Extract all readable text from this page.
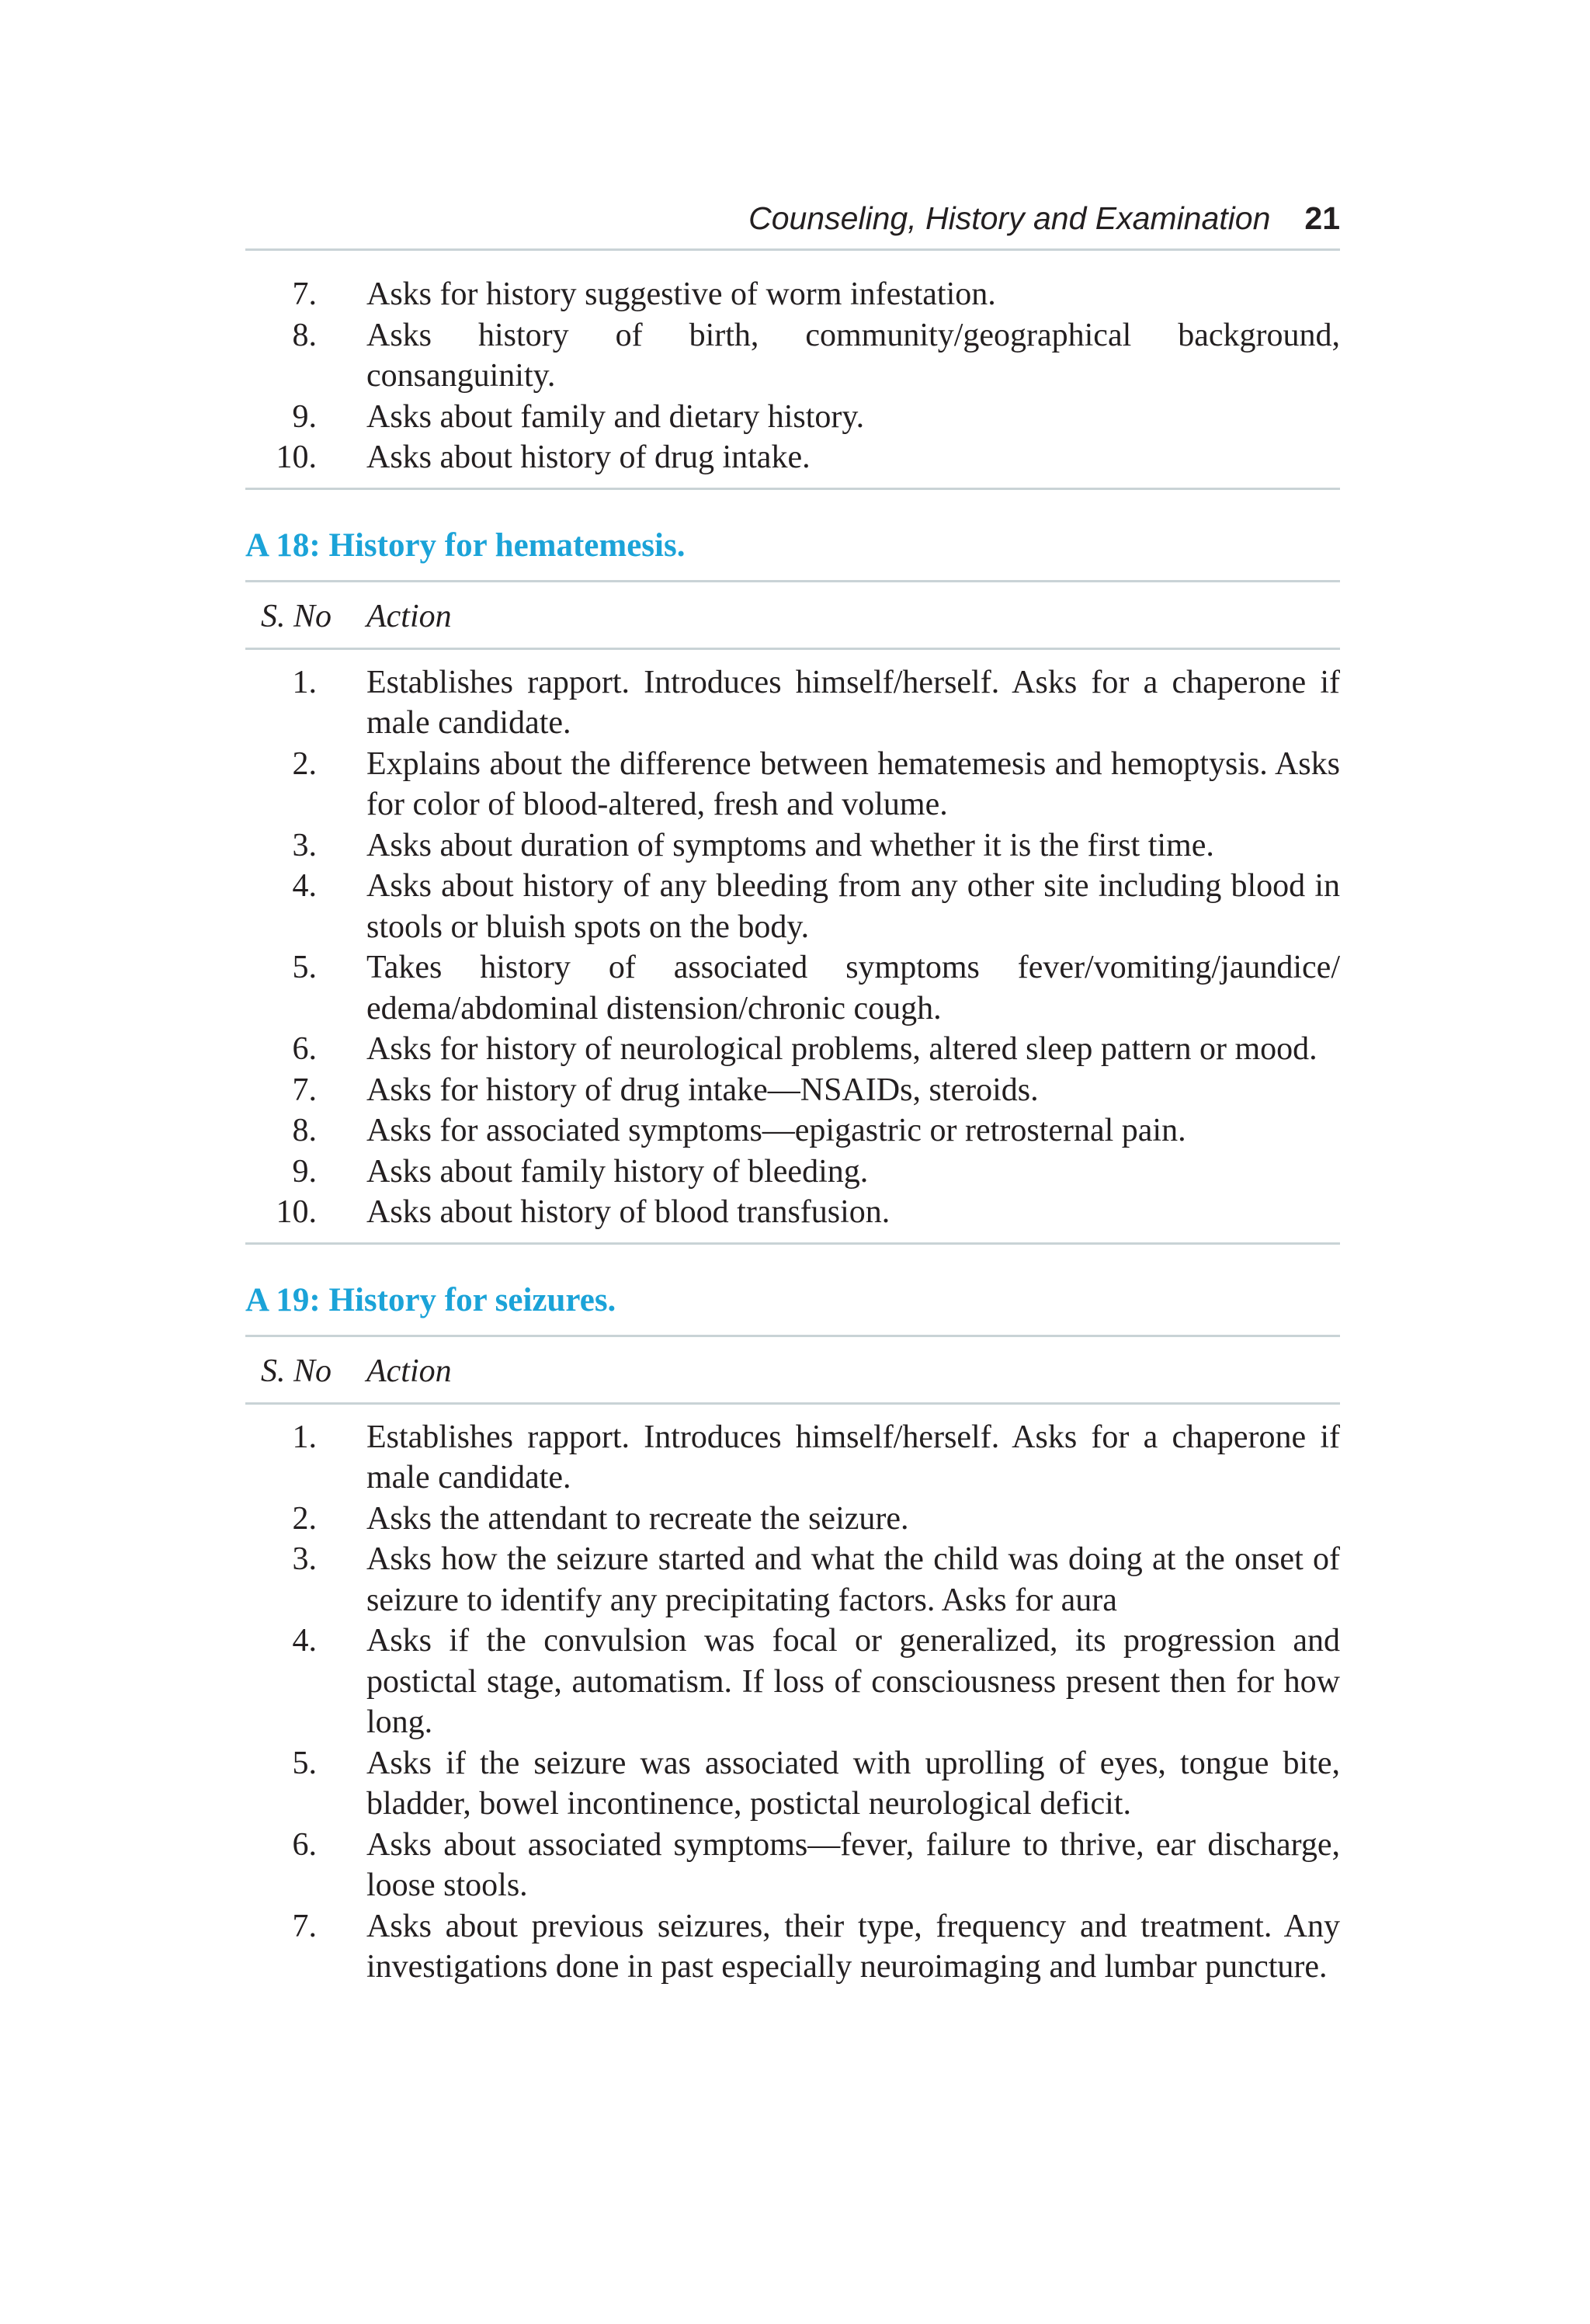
Counseling, History and Examination 21
7.	Asks for history suggestive of worm infestation.
8.	Asks history of birth, community/geographical background, consanguinity.
9.	Asks about family and dietary history.
10.	Asks about history of drug intake.
A 18: History for hematemesis.
S. No	Action
1.	Establishes rapport. Introduces himself/herself. Asks for a chaperone if male candidate.
2.	Explains about the difference between hematemesis and hemoptysis. Asks for color of blood-altered, fresh and volume.
3.	Asks about duration of symptoms and whether it is the first time.
4.	Asks about history of any bleeding from any other site including blood in stools or bluish spots on the body.
5.	Takes history of associated symptoms fever/vomiting/jaundice/ edema/abdominal distension/chronic cough.
6.	Asks for history of neurological problems, altered sleep pattern or mood.
7.	Asks for history of drug intake—NSAIDs, steroids.
8.	Asks for associated symptoms—epigastric or retrosternal pain.
9.	Asks about family history of bleeding.
10.	Asks about history of blood transfusion.
A 19: History for seizures.
S. No	Action
1.	Establishes rapport. Introduces himself/herself. Asks for a chaperone if male candidate.
2.	Asks the attendant to recreate the seizure.
3.	Asks how the seizure started and what the child was doing at the onset of seizure to identify any precipitating factors. Asks for aura
4.	Asks if the convulsion was focal or generalized, its progression and postictal stage, automatism. If loss of consciousness present then for how long.
5.	Asks if the seizure was associated with uprolling of eyes, tongue bite, bladder, bowel incontinence, postictal neurological deficit.
6.	Asks about associated symptoms—fever, failure to thrive, ear discharge, loose stools.
7.	Asks about previous seizures, their type, frequency and treatment. Any investigations done in past especially neuroimaging and lumbar puncture.
